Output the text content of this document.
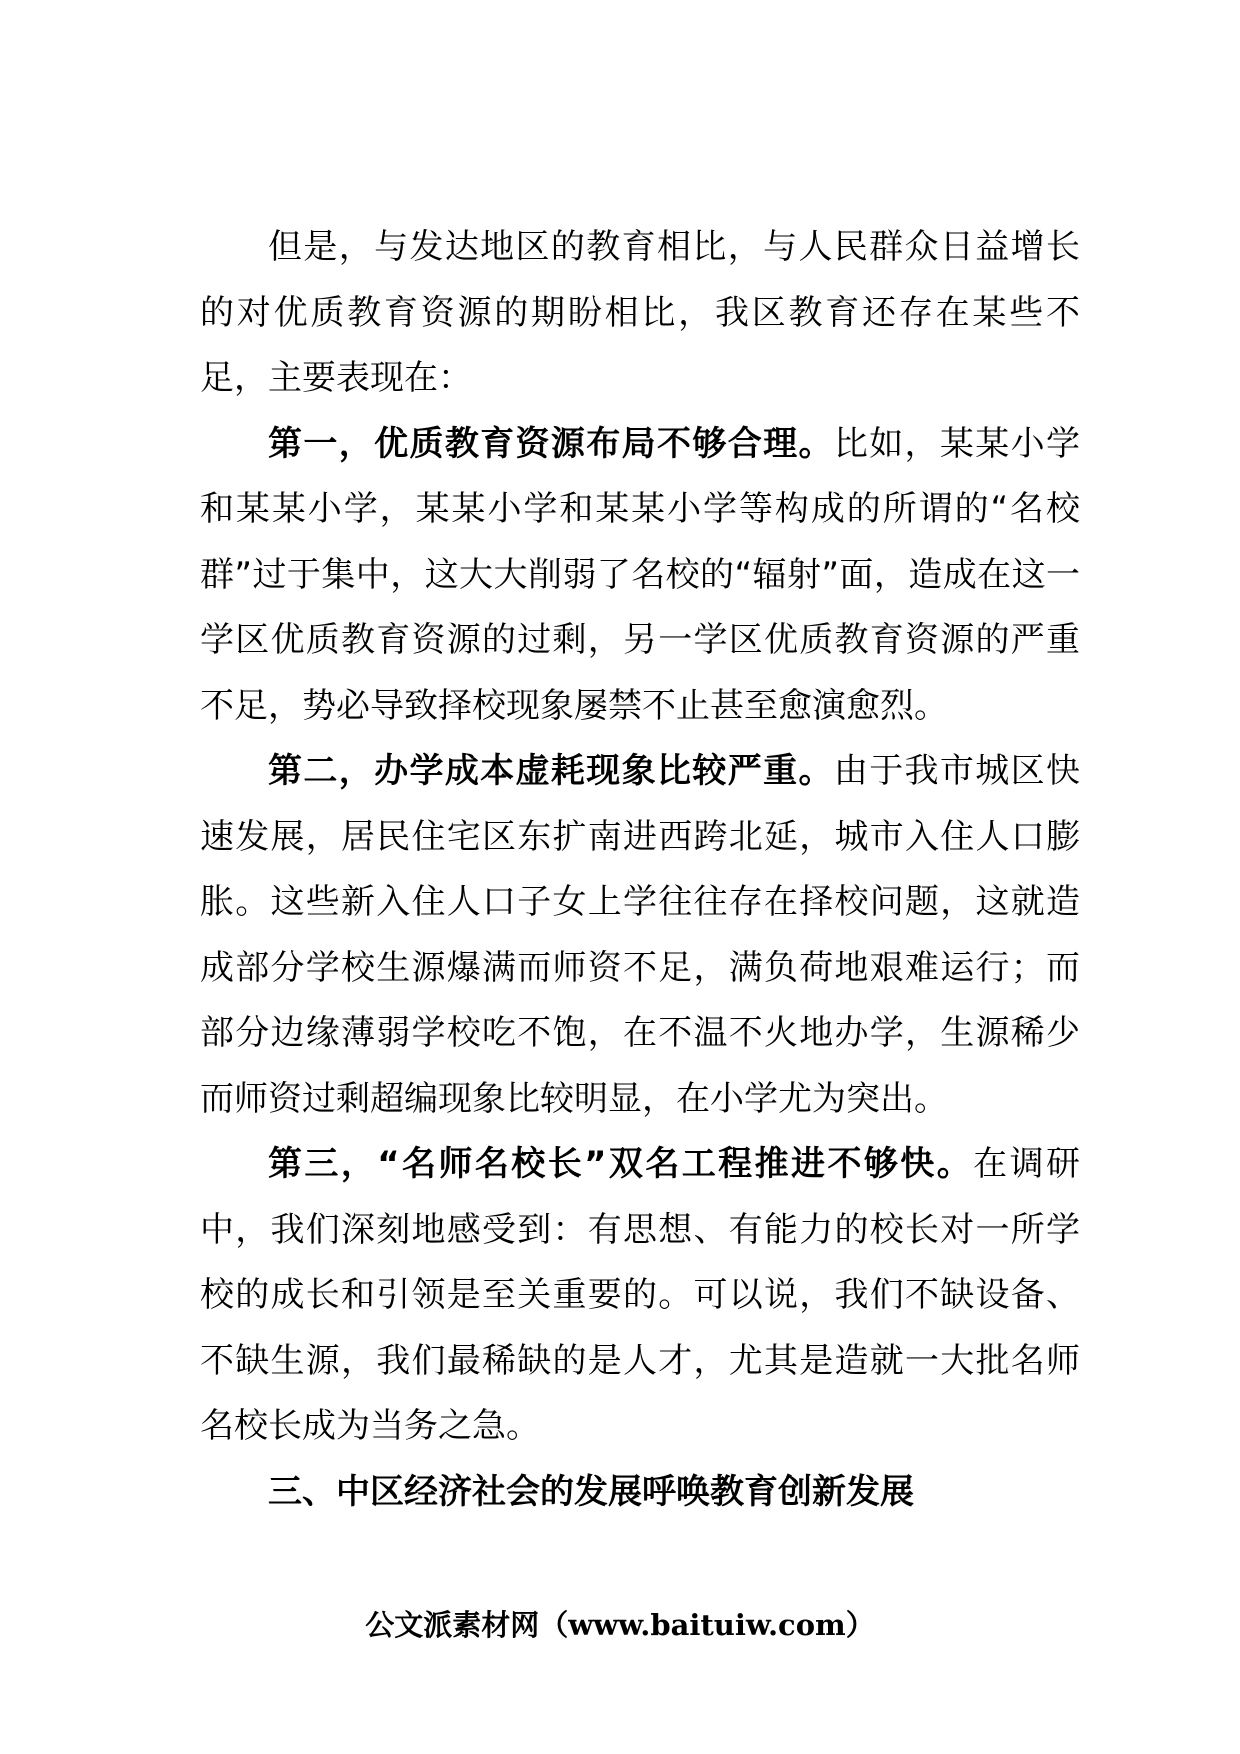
但是，与发达地区的教育相比，与人民群众日益增长的对优质教育资源的期盼相比，我区教育还存在某些不足，主要表现在：

第一，优质教育资源布局不够合理。比如，某某小学和某某小学，某某小学和某某小学等构成的所谓的“名校群”过于集中，这大大削弱了名校的“辐射”面，造成在这一学区优质教育资源的过剩，另一学区优质教育资源的严重不足，势必导致择校现象屡禁不止甚至愈演愈烈。

第二，办学成本虚耗现象比较严重。由于我市城区快速发展，居民住宅区东扩南进西跨北延，城市入住人口膨胀。这些新入住人口子女上学往往存在择校问题，这就造成部分学校生源爆满而师资不足，满负荷地艰难运行；而部分边缘薄弱学校吃不饱，在不温不火地办学，生源稀少而师资过剩超编现象比较明显，在小学尤为突出。

第三，“名师名校长”双名工程推进不够快。在调研中，我们深刻地感受到：有思想、有能力的校长对一所学校的成长和引领是至关重要的。可以说，我们不缺设备、不缺生源，我们最稀缺的是人才，尤其是造就一大批名师名校长成为当务之急。

三、中区经济社会的发展呼唤教育创新发展

公文派素材网（www.baituiw.com）
